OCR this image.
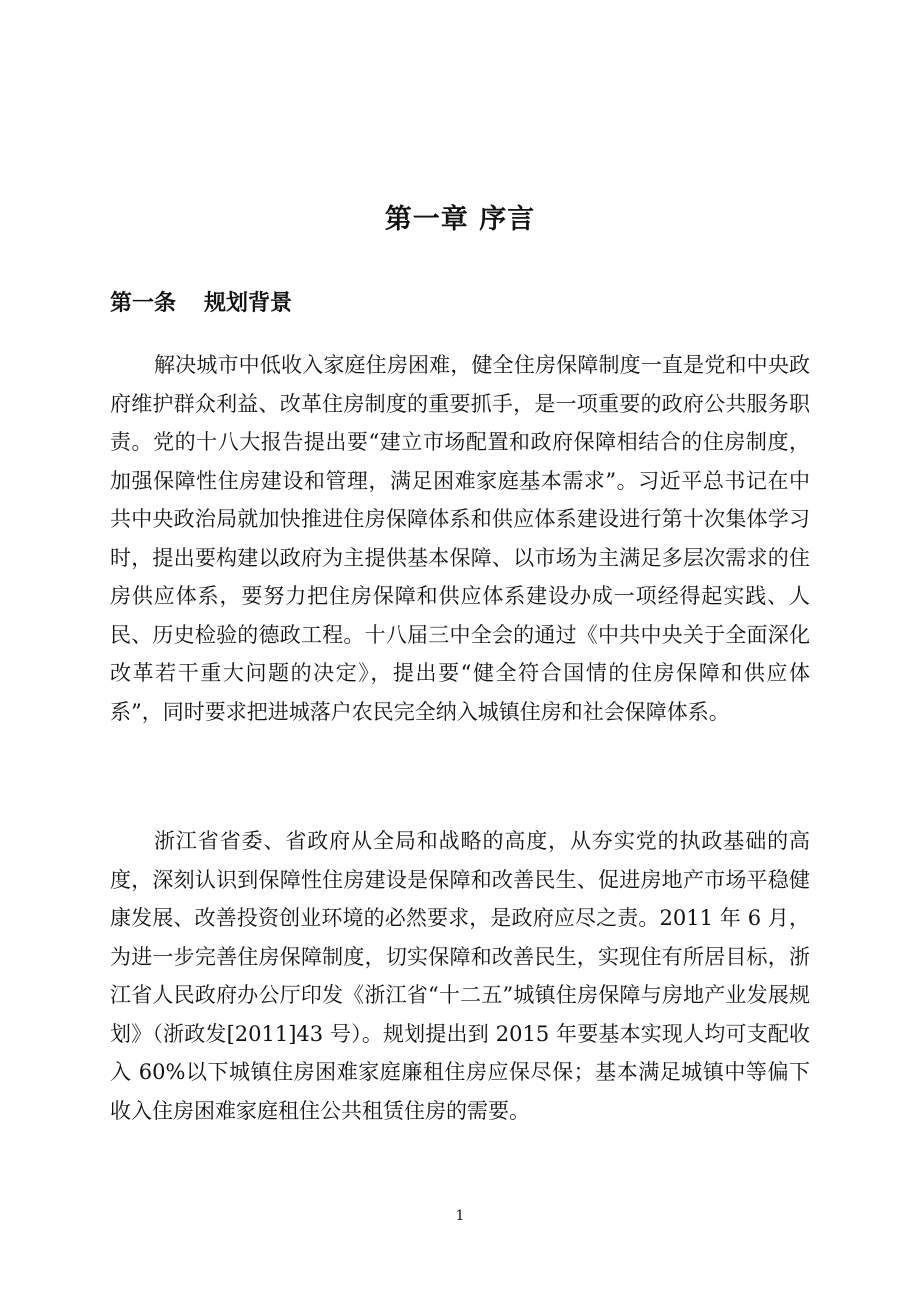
第一章 序言
第一条 规划背景

解决城市中低收入家庭住房困难，健全住房保障制度一直是党和中央政府维护群众利益、改革住房制度的重要抓手，是一项重要的政府公共服务职责。党的十八大报告提出要“建立市场配置和政府保障相结合的住房制度，加强保障性住房建设和管理，满足困难家庭基本需求”。习近平总书记在中共中央政治局就加快推进住房保障体系和供应体系建设进行第十次集体学习时，提出要构建以政府为主提供基本保障、以市场为主满足多层次需求的住房供应体系，要努力把住房保障和供应体系建设办成一项经得起实践、人民、历史检验的德政工程。十八届三中全会的通过《中共中央关于全面深化改革若干重大问题的决定》，提出要“健全符合国情的住房保障和供应体系”，同时要求把进城落户农民完全纳入城镇住房和社会保障体系。

浙江省省委、省政府从全局和战略的高度，从夯实党的执政基础的高度，深刻认识到保障性住房建设是保障和改善民生、促进房地产市场平稳健康发展、改善投资创业环境的必然要求，是政府应尽之责。2011 年 6 月，为进一步完善住房保障制度，切实保障和改善民生，实现住有所居目标，浙江省人民政府办公厅印发《浙江省“十二五”城镇住房保障与房地产业发展规划》（浙政发[2011]43 号）。规划提出到 2015 年要基本实现人均可支配收入 60%以下城镇住房困难家庭廉租住房应保尽保；基本满足城镇中等偏下收入住房困难家庭租住公共租赁住房的需要。

1
